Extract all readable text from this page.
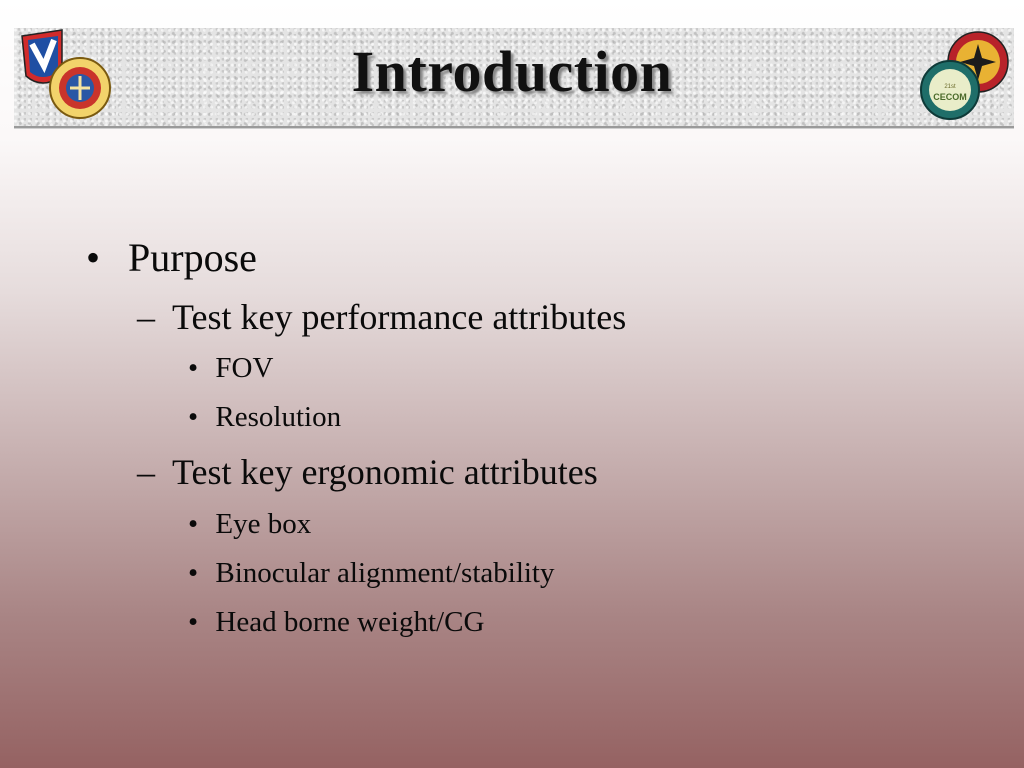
21st
CECOM
Introduction
• Purpose
– Test key performance attributes
• FOV
• Resolution
– Test key ergonomic attributes
• Eye box
• Binocular alignment/stability
• Head borne weight/CG
